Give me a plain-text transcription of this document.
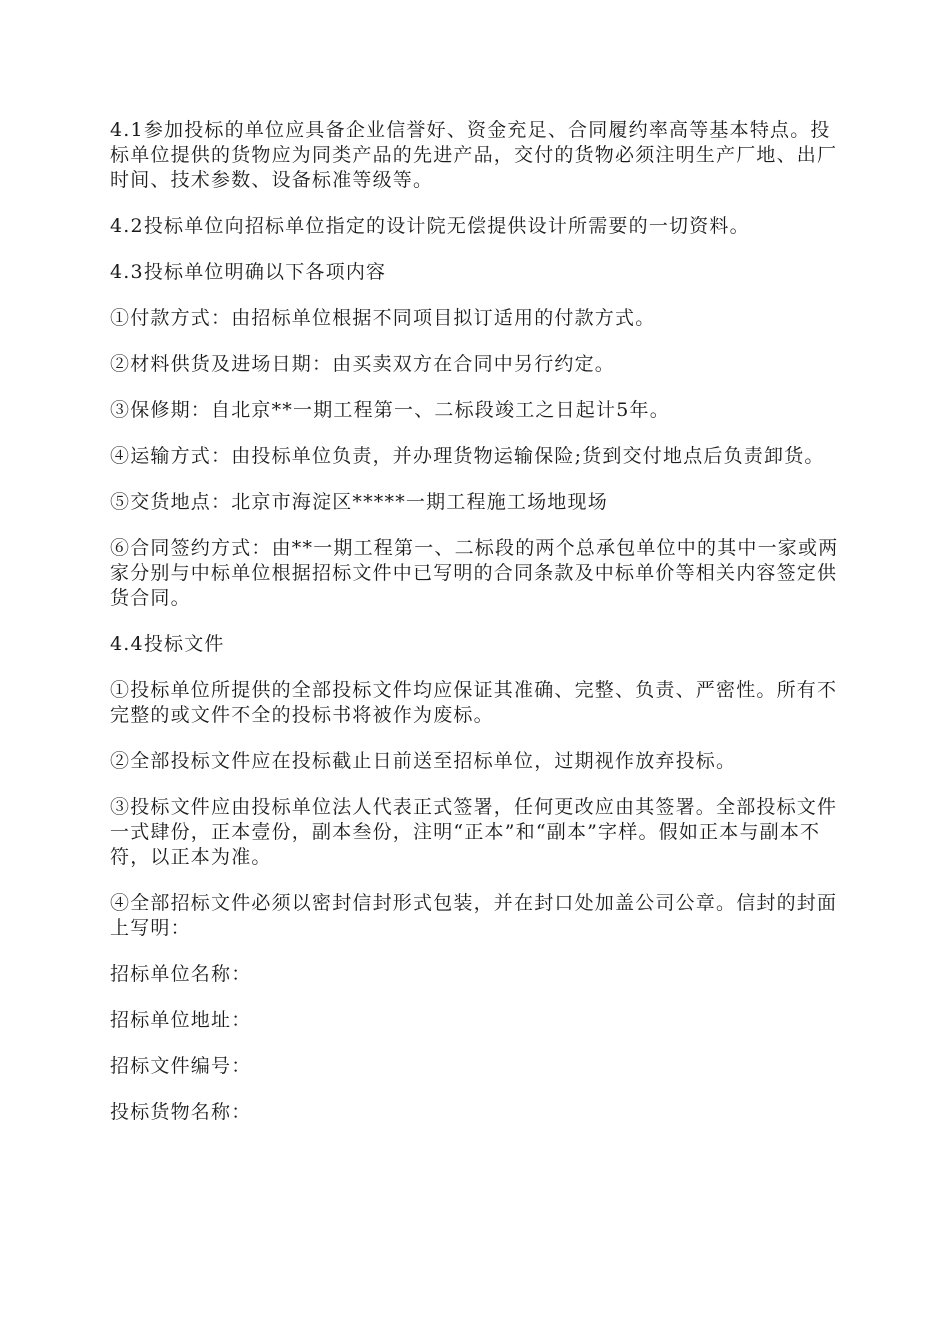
4.1参加投标的单位应具备企业信誉好、资金充足、合同履约率高等基本特点。投标单位提供的货物应为同类产品的先进产品，交付的货物必须注明生产厂地、出厂时间、技术参数、设备标准等级等。

4.2投标单位向招标单位指定的设计院无偿提供设计所需要的一切资料。

4.3投标单位明确以下各项内容

①付款方式：由招标单位根据不同项目拟订适用的付款方式。

②材料供货及进场日期：由买卖双方在合同中另行约定。

③保修期：自北京**一期工程第一、二标段竣工之日起计5年。

④运输方式：由投标单位负责，并办理货物运输保险;货到交付地点后负责卸货。

⑤交货地点：北京市海淀区*****一期工程施工场地现场

⑥合同签约方式：由**一期工程第一、二标段的两个总承包单位中的其中一家或两家分别与中标单位根据招标文件中已写明的合同条款及中标单价等相关内容签定供货合同。

4.4投标文件

①投标单位所提供的全部投标文件均应保证其准确、完整、负责、严密性。所有不完整的或文件不全的投标书将被作为废标。

②全部投标文件应在投标截止日前送至招标单位，过期视作放弃投标。

③投标文件应由投标单位法人代表正式签署，任何更改应由其签署。全部投标文件一式肆份，正本壹份，副本叁份，注明“正本”和“副本”字样。假如正本与副本不符，以正本为准。

④全部招标文件必须以密封信封形式包装，并在封口处加盖公司公章。信封的封面上写明：

招标单位名称：

招标单位地址：

招标文件编号：

投标货物名称：
